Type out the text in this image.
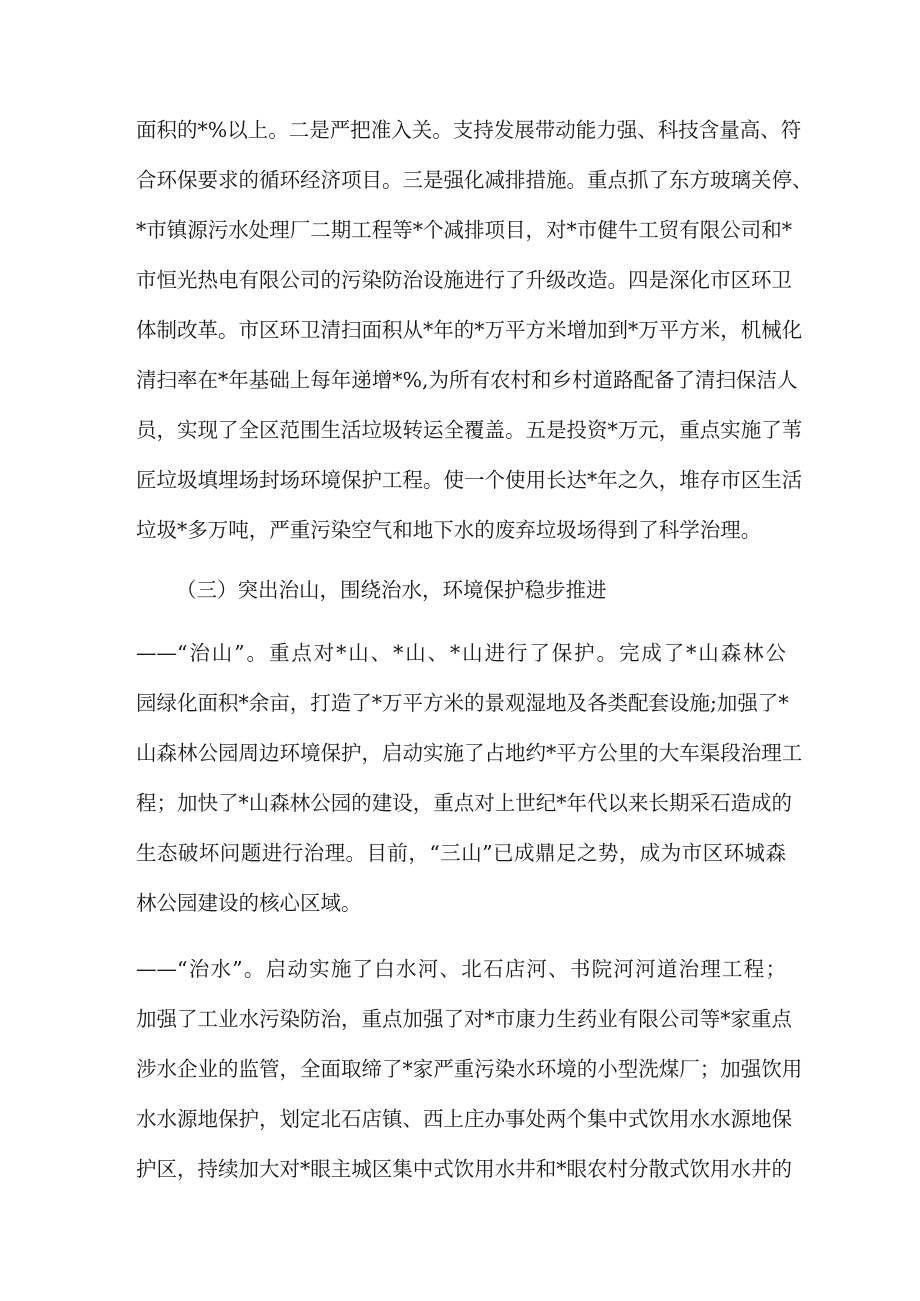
面积的*%以上。二是严把准入关。支持发展带动能力强、科技含量高、符
合环保要求的循环经济项目。三是强化减排措施。重点抓了东方玻璃关停、
*市镇源污水处理厂二期工程等*个减排项目，对*市健牛工贸有限公司和*
市恒光热电有限公司的污染防治设施进行了升级改造。四是深化市区环卫
体制改革。市区环卫清扫面积从*年的*万平方米增加到*万平方米，机械化
清扫率在*年基础上每年递增*%,为所有农村和乡村道路配备了清扫保洁人
员，实现了全区范围生活垃圾转运全覆盖。五是投资*万元，重点实施了苇
匠垃圾填埋场封场环境保护工程。使一个使用长达*年之久，堆存市区生活
垃圾*多万吨，严重污染空气和地下水的废弃垃圾场得到了科学治理。
（三）突出治山，围绕治水，环境保护稳步推进
——“治山”。重点对*山、*山、*山进行了保护。完成了*山森林公
园绿化面积*余亩，打造了*万平方米的景观湿地及各类配套设施;加强了*
山森林公园周边环境保护，启动实施了占地约*平方公里的大车渠段治理工
程；加快了*山森林公园的建设，重点对上世纪*年代以来长期采石造成的
生态破坏问题进行治理。目前，“三山”已成鼎足之势，成为市区环城森
林公园建设的核心区域。
——“治水”。启动实施了白水河、北石店河、书院河河道治理工程；
加强了工业水污染防治，重点加强了对*市康力生药业有限公司等*家重点
涉水企业的监管，全面取缔了*家严重污染水环境的小型洗煤厂；加强饮用
水水源地保护，划定北石店镇、西上庄办事处两个集中式饮用水水源地保
护区，持续加大对*眼主城区集中式饮用水井和*眼农村分散式饮用水井的
